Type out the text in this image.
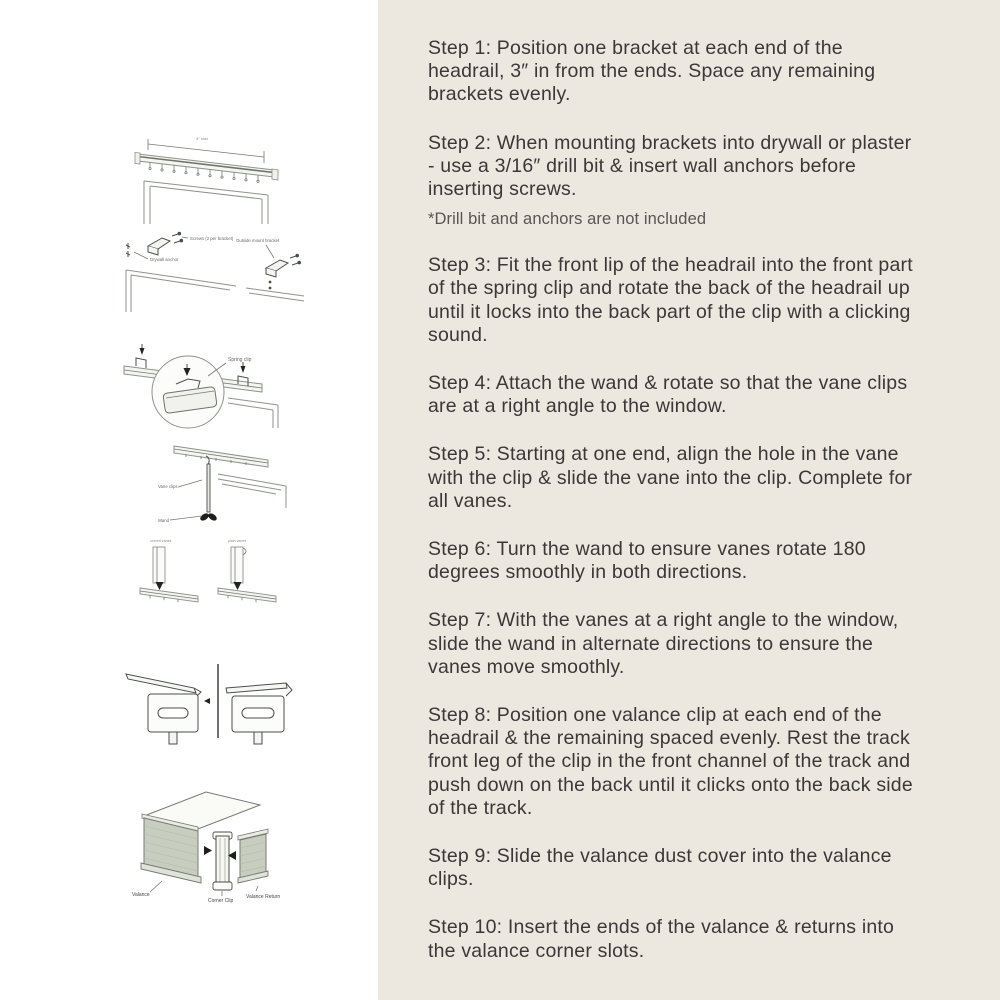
3″ max
Screws (2 per bracket)
Drywall anchor
Outside mount bracket
Spring clip
Vane clips
Wand
curved vanes	plain vanes
Valance
Corner Clip
Valance Return

Step 1: Position one bracket at each end of the headrail, 3″ in from the ends. Space any remaining brackets evenly.

Step 2: When mounting brackets into drywall or plaster - use a 3/16″ drill bit & insert wall anchors before inserting screws.

*Drill bit and anchors are not included

Step 3: Fit the front lip of the headrail into the front part of the spring clip and rotate the back of the headrail up until it locks into the back part of the clip with a clicking sound.

Step 4: Attach the wand & rotate so that the vane clips are at a right angle to the window.

Step 5: Starting at one end, align the hole in the vane with the clip & slide the vane into the clip. Complete for all vanes.

Step 6: Turn the wand to ensure vanes rotate 180 degrees smoothly in both directions.

Step 7: With the vanes at a right angle to the window, slide the wand in alternate directions to ensure the vanes move smoothly.

Step 8: Position one valance clip at each end of the headrail & the remaining spaced evenly. Rest the track front leg of the clip in the front channel of the track and push down on the back until it clicks onto the back side of the track.

Step 9: Slide the valance dust cover into the valance clips.

Step 10: Insert the ends of the valance & returns into the valance corner slots.
